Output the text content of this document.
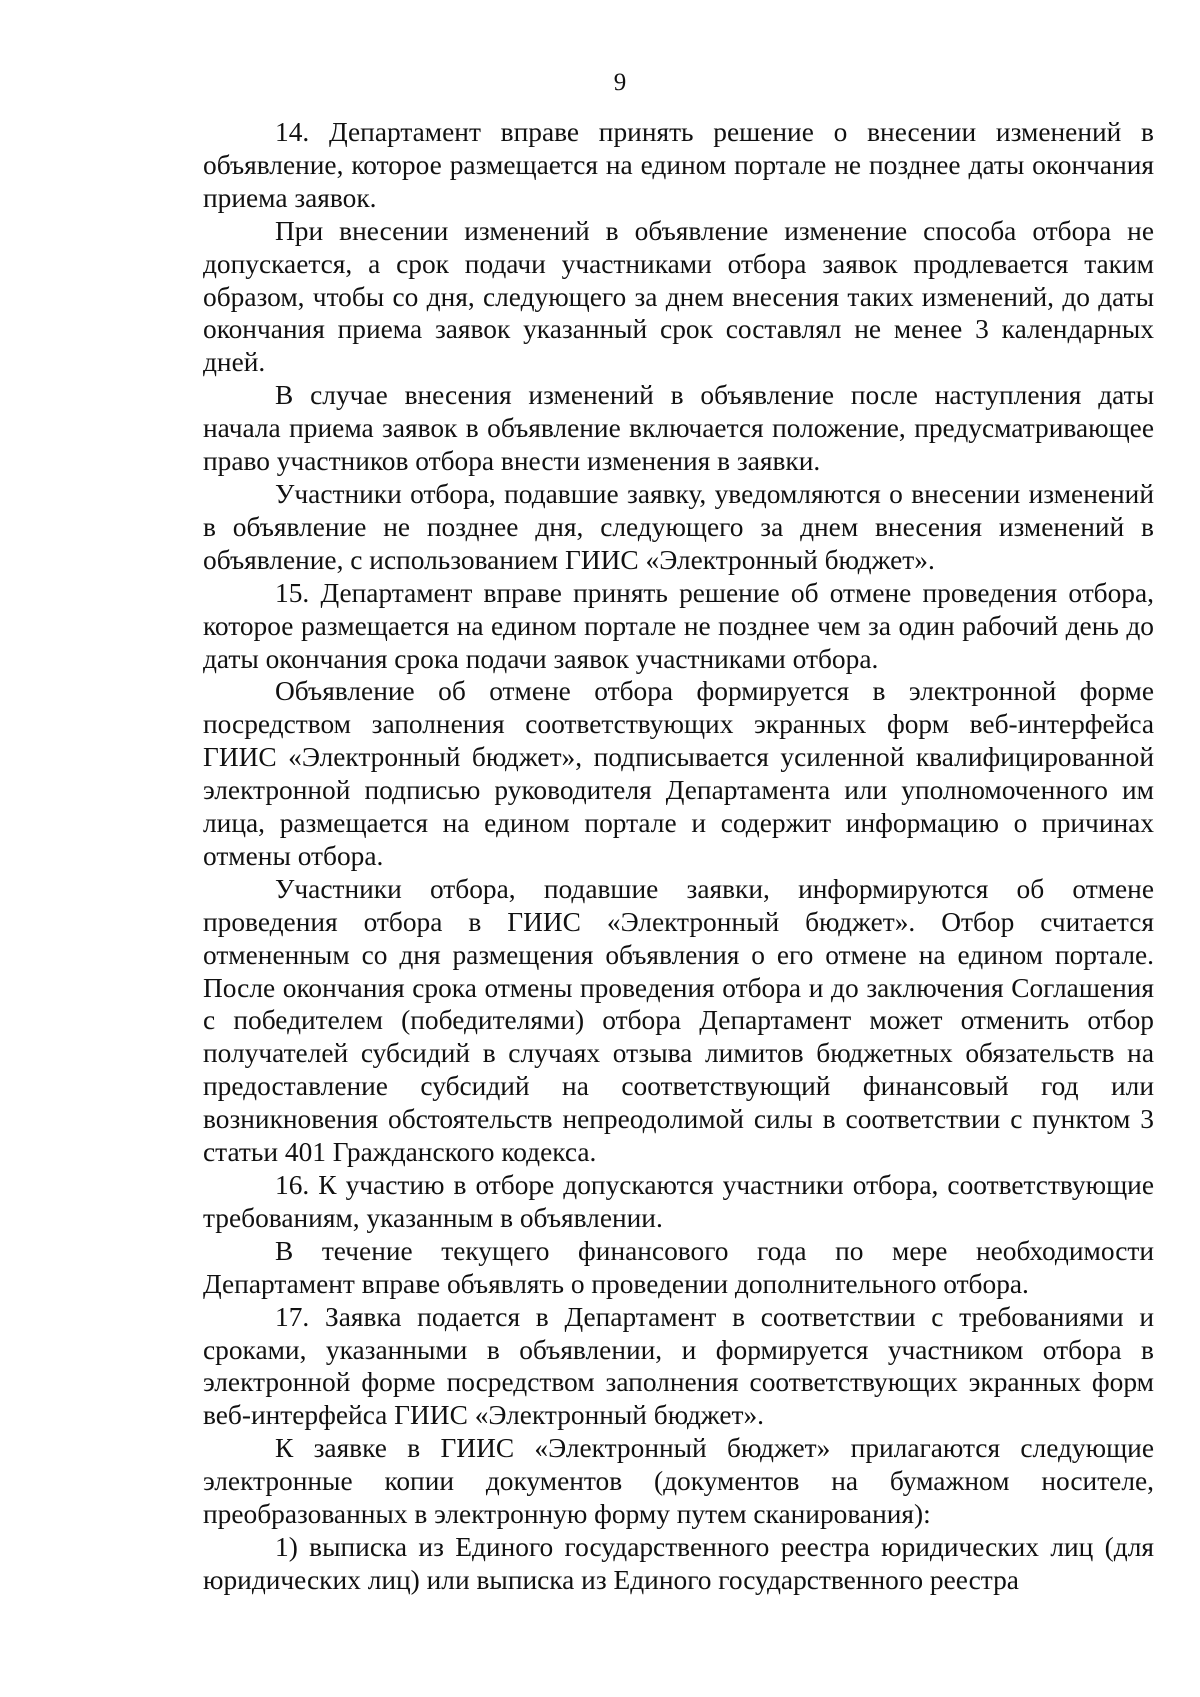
9

14. Департамент вправе принять решение о внесении изменений в объявление, которое размещается на едином портале не позднее даты окончания приема заявок.

При внесении изменений в объявление изменение способа отбора не допускается, а срок подачи участниками отбора заявок продлевается таким образом, чтобы со дня, следующего за днем внесения таких изменений, до даты окончания приема заявок указанный срок составлял не менее 3 календарных дней.

В случае внесения изменений в объявление после наступления даты начала приема заявок в объявление включается положение, предусматривающее право участников отбора внести изменения в заявки.

Участники отбора, подавшие заявку, уведомляются о внесении изменений в объявление не позднее дня, следующего за днем внесения изменений в объявление, с использованием ГИИС «Электронный бюджет».

15. Департамент вправе принять решение об отмене проведения отбора, которое размещается на едином портале не позднее чем за один рабочий день до даты окончания срока подачи заявок участниками отбора.

Объявление об отмене отбора формируется в электронной форме посредством заполнения соответствующих экранных форм веб-интерфейса ГИИС «Электронный бюджет», подписывается усиленной квалифицированной электронной подписью руководителя Департамента или уполномоченного им лица, размещается на едином портале и содержит информацию о причинах отмены отбора.

Участники отбора, подавшие заявки, информируются об отмене проведения отбора в ГИИС «Электронный бюджет». Отбор считается отмененным со дня размещения объявления о его отмене на едином портале. После окончания срока отмены проведения отбора и до заключения Соглашения с победителем (победителями) отбора Департамент может отменить отбор получателей субсидий в случаях отзыва лимитов бюджетных обязательств на предоставление субсидий на соответствующий финансовый год или возникновения обстоятельств непреодолимой силы в соответствии с пунктом 3 статьи 401 Гражданского кодекса.

16. К участию в отборе допускаются участники отбора, соответствующие требованиям, указанным в объявлении.

В течение текущего финансового года по мере необходимости Департамент вправе объявлять о проведении дополнительного отбора.

17. Заявка подается в Департамент в соответствии с требованиями и сроками, указанными в объявлении, и формируется участником отбора в электронной форме посредством заполнения соответствующих экранных форм веб-интерфейса ГИИС «Электронный бюджет».

К заявке в ГИИС «Электронный бюджет» прилагаются следующие электронные копии документов (документов на бумажном носителе, преобразованных в электронную форму путем сканирования):

1) выписка из Единого государственного реестра юридических лиц (для юридических лиц) или выписка из Единого государственного реестра
